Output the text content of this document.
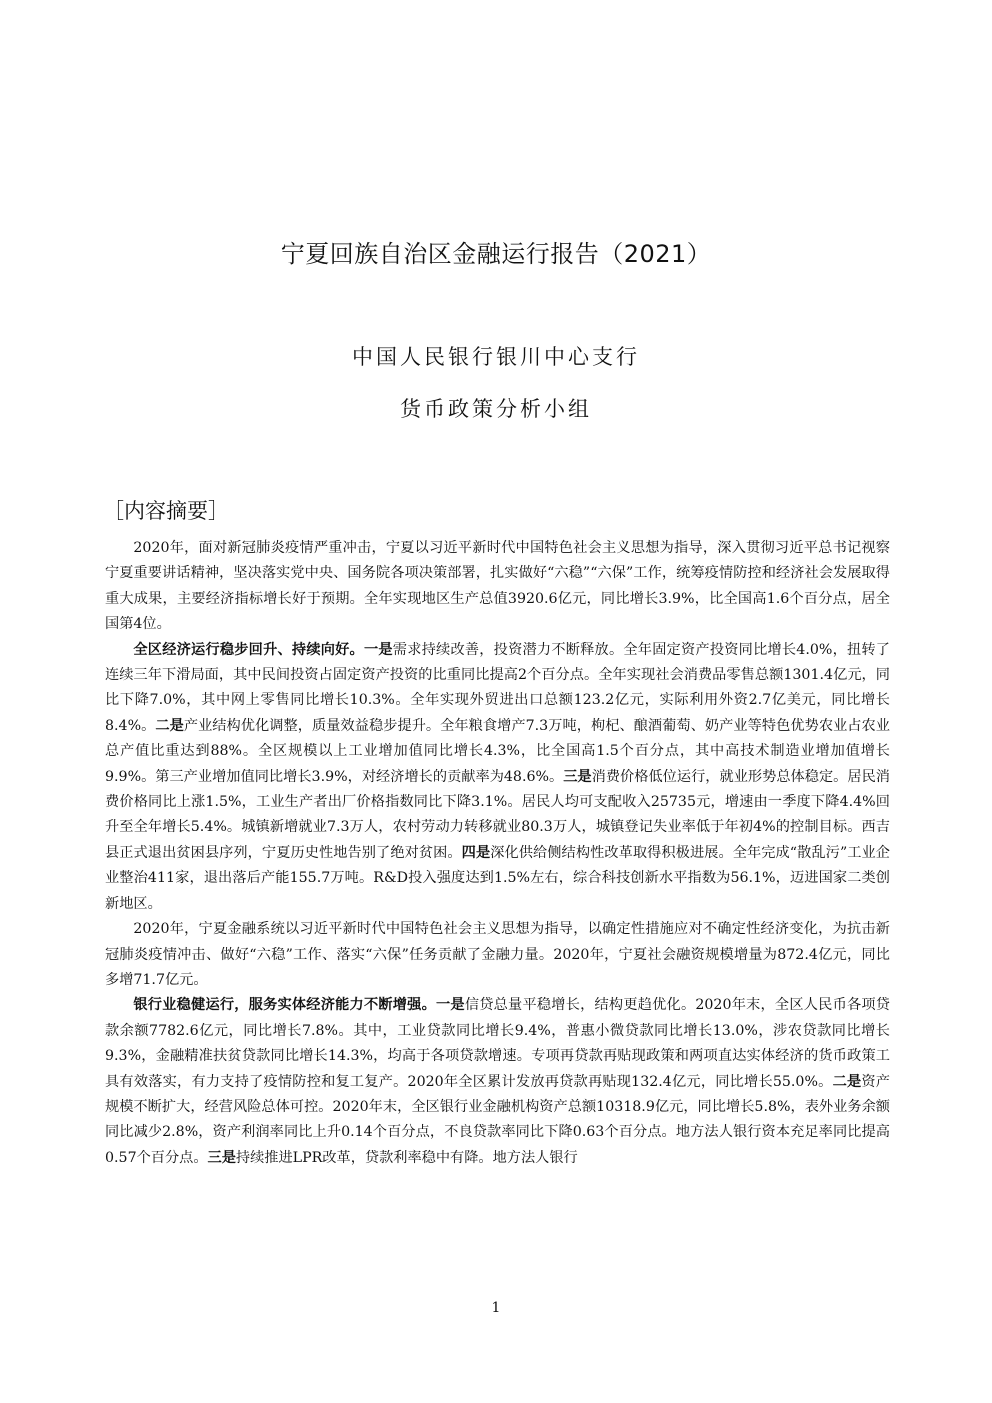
宁夏回族自治区金融运行报告（2021）
中国人民银行银川中心支行
货币政策分析小组
［内容摘要］

2020年，面对新冠肺炎疫情严重冲击，宁夏以习近平新时代中国特色社会主义思想为指导，深入贯彻习近平总书记视察宁夏重要讲话精神，坚决落实党中央、国务院各项决策部署，扎实做好“六稳”“六保”工作，统筹疫情防控和经济社会发展取得重大成果，主要经济指标增长好于预期。全年实现地区生产总值3920.6亿元，同比增长3.9%，比全国高1.6个百分点，居全国第4位。

全区经济运行稳步回升、持续向好。一是需求持续改善，投资潜力不断释放。全年固定资产投资同比增长4.0%，扭转了连续三年下滑局面，其中民间投资占固定资产投资的比重同比提高2个百分点。全年实现社会消费品零售总额1301.4亿元，同比下降7.0%，其中网上零售同比增长10.3%。全年实现外贸进出口总额123.2亿元，实际利用外资2.7亿美元，同比增长8.4%。二是产业结构优化调整，质量效益稳步提升。全年粮食增产7.3万吨，枸杞、酿酒葡萄、奶产业等特色优势农业占农业总产值比重达到88%。全区规模以上工业增加值同比增长4.3%，比全国高1.5个百分点，其中高技术制造业增加值增长9.9%。第三产业增加值同比增长3.9%，对经济增长的贡献率为48.6%。三是消费价格低位运行，就业形势总体稳定。居民消费价格同比上涨1.5%，工业生产者出厂价格指数同比下降3.1%。居民人均可支配收入25735元，增速由一季度下降4.4%回升至全年增长5.4%。城镇新增就业7.3万人，农村劳动力转移就业80.3万人，城镇登记失业率低于年初4%的控制目标。西吉县正式退出贫困县序列，宁夏历史性地告别了绝对贫困。四是深化供给侧结构性改革取得积极进展。全年完成“散乱污”工业企业整治411家，退出落后产能155.7万吨。R&D投入强度达到1.5%左右，综合科技创新水平指数为56.1%，迈进国家二类创新地区。

2020年，宁夏金融系统以习近平新时代中国特色社会主义思想为指导，以确定性措施应对不确定性经济变化，为抗击新冠肺炎疫情冲击、做好“六稳”工作、落实“六保”任务贡献了金融力量。2020年，宁夏社会融资规模增量为872.4亿元，同比多增71.7亿元。

银行业稳健运行，服务实体经济能力不断增强。一是信贷总量平稳增长，结构更趋优化。2020年末，全区人民币各项贷款余额7782.6亿元，同比增长7.8%。其中，工业贷款同比增长9.4%，普惠小微贷款同比增长13.0%，涉农贷款同比增长9.3%，金融精准扶贫贷款同比增长14.3%，均高于各项贷款增速。专项再贷款再贴现政策和两项直达实体经济的货币政策工具有效落实，有力支持了疫情防控和复工复产。2020年全区累计发放再贷款再贴现132.4亿元，同比增长55.0%。二是资产规模不断扩大，经营风险总体可控。2020年末，全区银行业金融机构资产总额10318.9亿元，同比增长5.8%，表外业务余额同比减少2.8%，资产利润率同比上升0.14个百分点，不良贷款率同比下降0.63个百分点。地方法人银行资本充足率同比提高0.57个百分点。三是持续推进LPR改革，贷款利率稳中有降。地方法人银行

1
